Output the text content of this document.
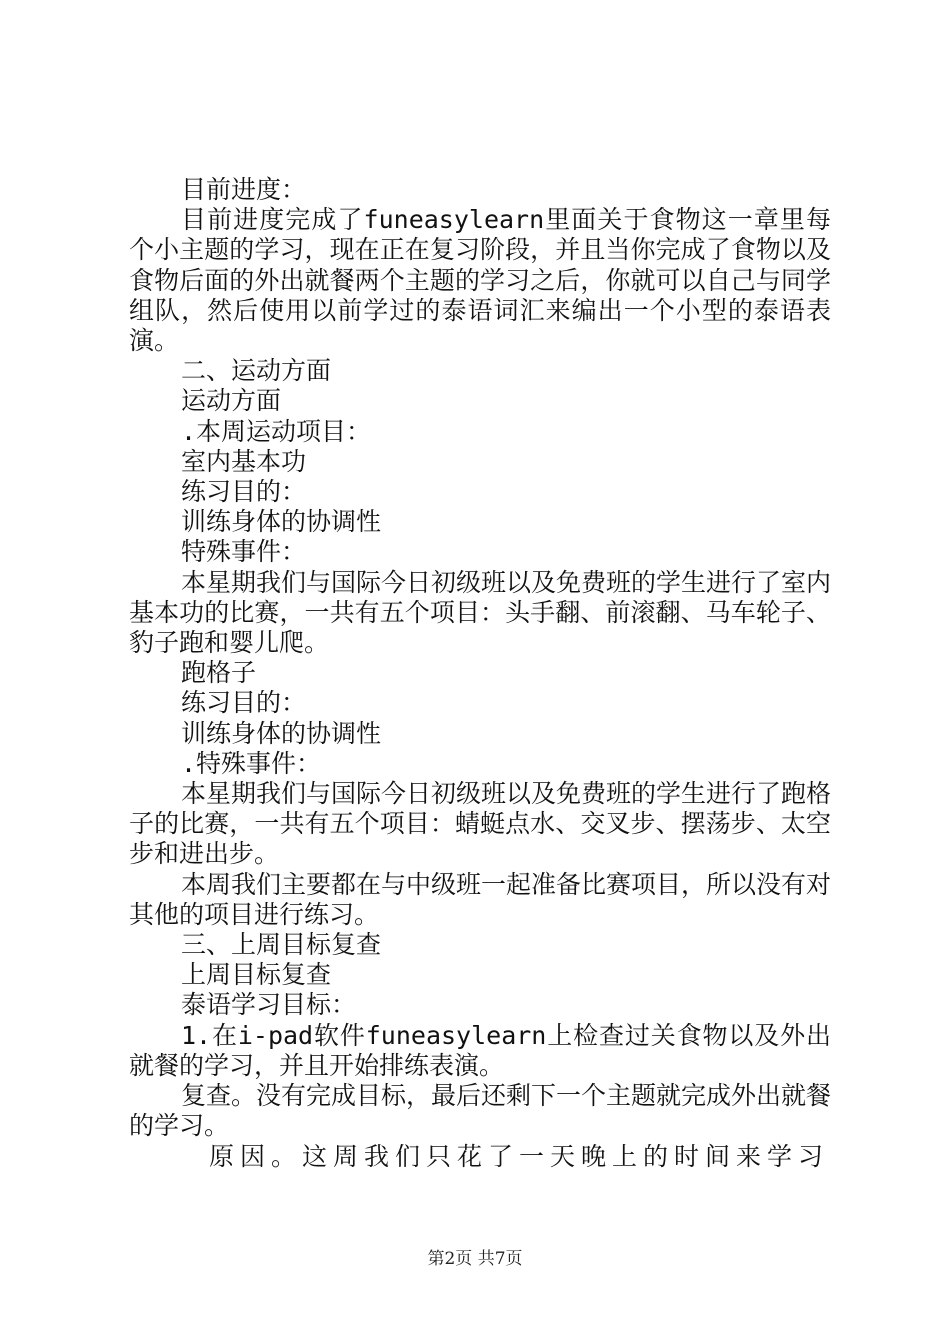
目前进度：

目前进度完成了funeasylearn里面关于食物这一章里每个小主题的学习，现在正在复习阶段，并且当你完成了食物以及食物后面的外出就餐两个主题的学习之后，你就可以自己与同学组队，然后使用以前学过的泰语词汇来编出一个小型的泰语表演。

二、运动方面

运动方面

.本周运动项目：

室内基本功

练习目的：

训练身体的协调性

特殊事件：

本星期我们与国际今日初级班以及免费班的学生进行了室内基本功的比赛，一共有五个项目：头手翻、前滚翻、马车轮子、豹子跑和婴儿爬。

跑格子

练习目的：

训练身体的协调性

.特殊事件：

本星期我们与国际今日初级班以及免费班的学生进行了跑格子的比赛，一共有五个项目：蜻蜓点水、交叉步、摆荡步、太空步和进出步。

本周我们主要都在与中级班一起准备比赛项目，所以没有对其他的项目进行练习。

三、上周目标复查

上周目标复查

泰语学习目标：

1.在i-pad软件funeasylearn上检查过关食物以及外出就餐的学习，并且开始排练表演。

复查。没有完成目标，最后还剩下一个主题就完成外出就餐的学习。

原因。这周我们只花了一天晚上的时间来学习

第2页 共7页
